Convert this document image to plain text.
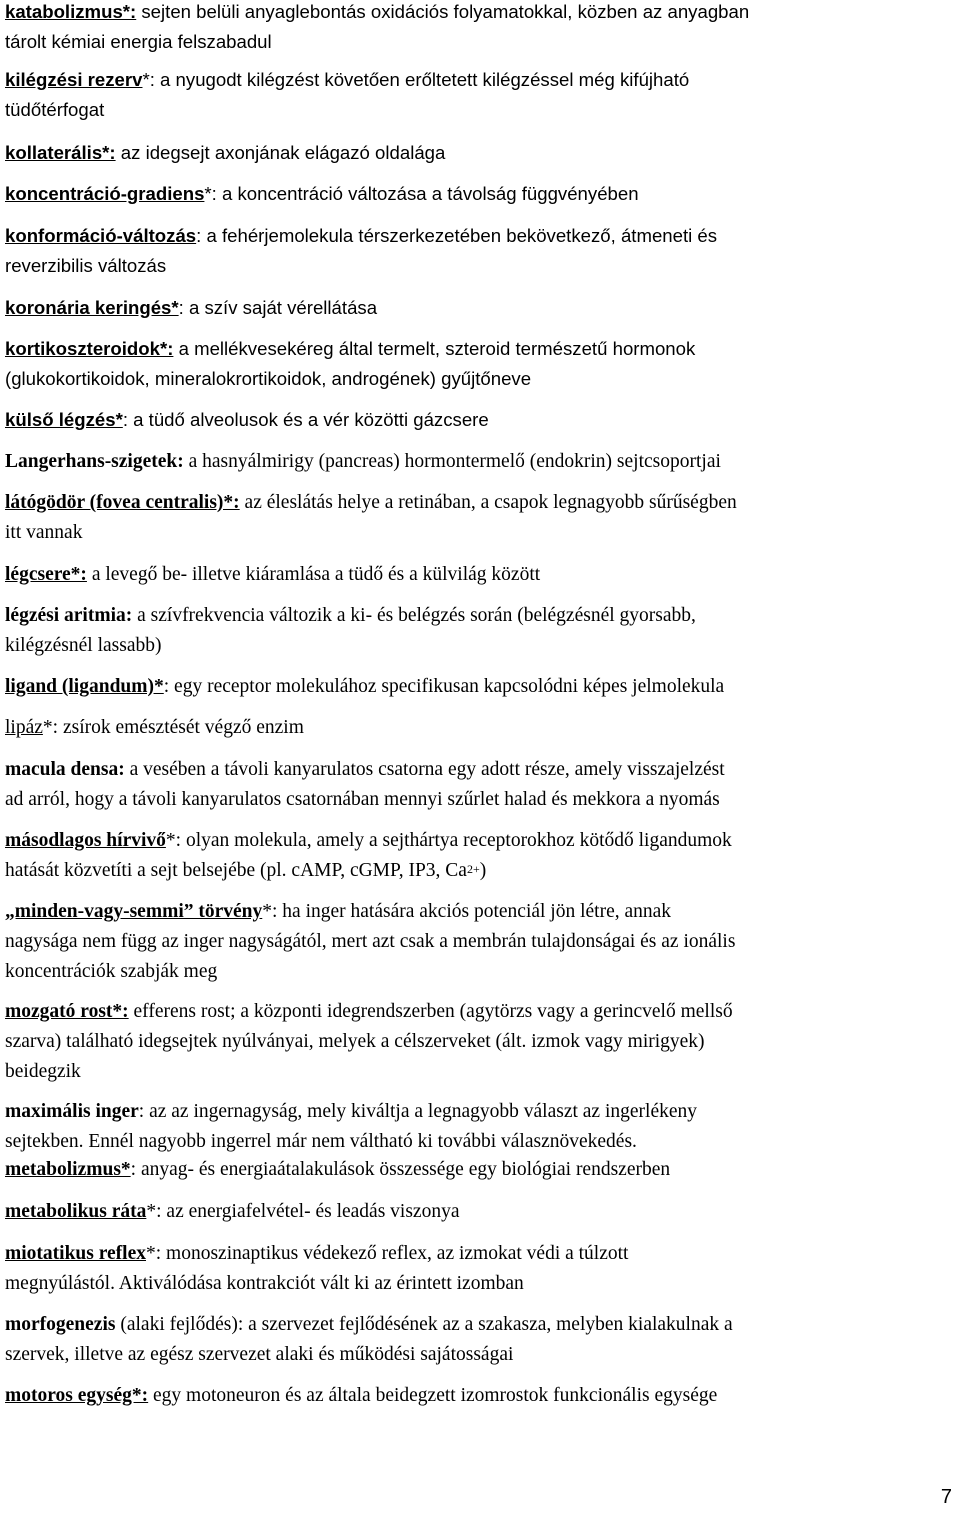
katabolizmus*: sejten belüli anyaglebontás oxidációs folyamatokkal, közben az anyagban
tárolt kémiai energia felszabadul
kilégzési rezerv*: a nyugodt kilégzést követően erőltetett kilégzéssel még kifújható
tüdőtérfogat
kollaterális*: az idegsejt axonjának elágazó oldalága
koncentráció-gradiens*: a koncentráció változása a távolság függvényében
konformáció-változás: a fehérjemolekula térszerkezetében bekövetkező, átmeneti és
reverzibilis változás
koronária keringés*: a szív saját vérellátása
kortikoszteroidok*: a mellékvesekéreg által termelt, szteroid természetű hormonok
(glukokortikoidok, mineralokrortikoidok, androgének) gyűjtőneve
külső légzés*: a tüdő alveolusok és a vér közötti gázcsere
Langerhans-szigetek: a hasnyálmirigy (pancreas) hormontermelő (endokrin) sejtcsoportjai
látógödör (fovea centralis)*: az éleslátás helye a retinában, a csapok legnagyobb sűrűségben
itt vannak
légcsere*: a levegő be- illetve kiáramlása a tüdő és a külvilág között
légzési aritmia: a szívfrekvencia változik a ki- és belégzés során (belégzésnél gyorsabb,
kilégzésnél lassabb)
ligand (ligandum)*: egy receptor molekulához specifikusan kapcsolódni képes jelmolekula
lipáz*: zsírok emésztését végző enzim
macula densa: a vesében a távoli kanyarulatos csatorna egy adott része, amely visszajelzést
ad arról, hogy a távoli kanyarulatos csatornában mennyi szűrlet halad és mekkora a nyomás
másodlagos hírvivő*: olyan molekula, amely a sejthártya receptorokhoz kötődő ligandumok
hatását közvetíti a sejt belsejébe (pl. cAMP, cGMP, IP3, $Ca^{2+}$)
„minden-vagy-semmi” törvény*: ha inger hatására akciós potenciál jön létre, annak
nagysága nem függ az inger nagyságától, mert azt csak a membrán tulajdonságai és az ionális
koncentrációk szabják meg
mozgató rost*: efferens rost; a központi idegrendszerben (agytörzs vagy a gerincvelő mellső
szarva) található idegsejtek nyúlványai, melyek a célszerveket (ált. izmok vagy mirigyek)
beidegzik
maximális inger: az az ingernagyság, mely kiváltja a legnagyobb választ az ingerlékeny
sejtekben. Ennél nagyobb ingerrel már nem váltható ki további válasznövekedés.
metabolizmus*: anyag- és energiaátalakulások összessége egy biológiai rendszerben
metabolikus ráta*: az energiafelvétel- és leadás viszonya
miotatikus reflex*: monoszinaptikus védekező reflex, az izmokat védi a túlzott
megnyúlástól. Aktiválódása kontrakciót vált ki az érintett izomban
morfogenezis (alaki fejlődés): a szervezet fejlődésének az a szakasza, melyben kialakulnak a
szervek, illetve az egész szervezet alaki és működési sajátosságai
motoros egység*: egy motoneuron és az általa beidegzett izomrostok funkcionális egysége
7
